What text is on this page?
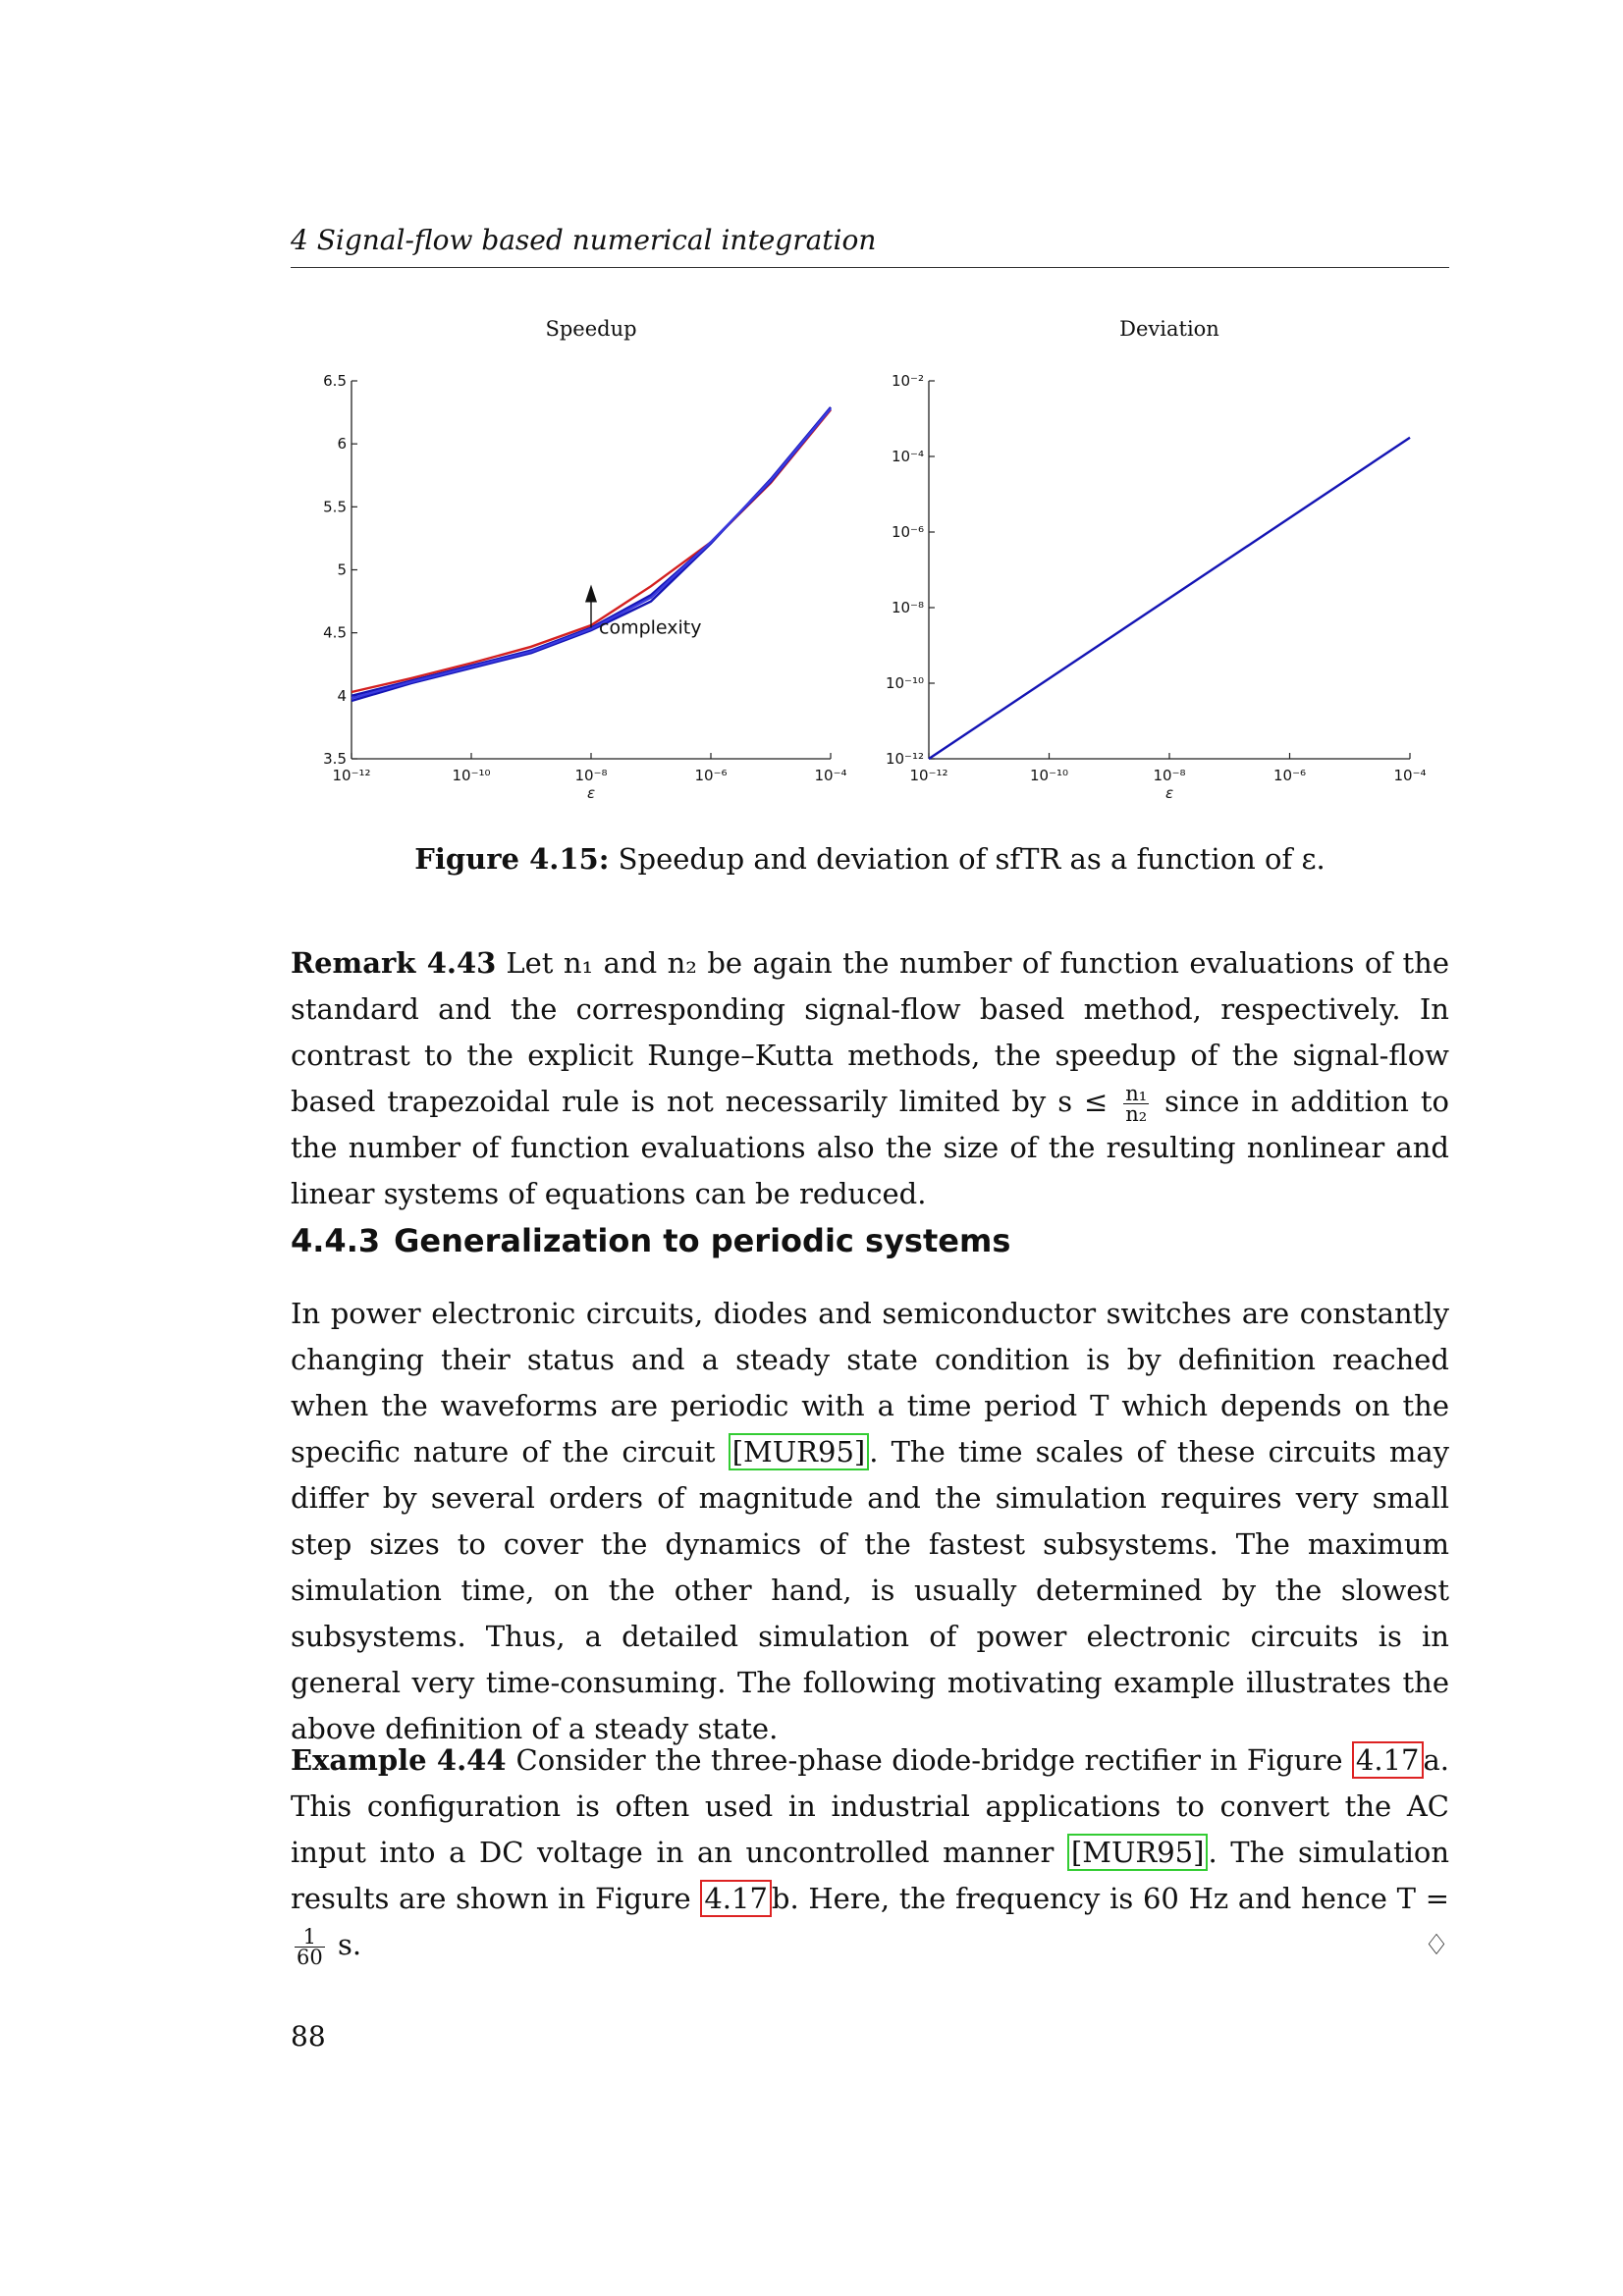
4 Signal-flow based numerical integration
Speedup
10⁻¹²	10⁻¹⁰	10⁻⁸	10⁻⁶	10⁻⁴
6.5
6
5.5
5
4.5
4
3.5
ε
complexity
Deviation
10⁻¹²	10⁻¹⁰	10⁻⁸	10⁻⁶	10⁻⁴
10⁻²
10⁻⁴
10⁻⁶
10⁻⁸
10⁻¹⁰
10⁻¹²
ε
Figure 4.15: Speedup and deviation of sfTR as a function of ε.
Remark 4.43 Let n₁ and n₂ be again the number of function evaluations of the standard and the corresponding signal-flow based method, respectively. In contrast to the explicit Runge–Kutta methods, the speedup of the signal-flow based trapezoidal rule is not necessarily limited by $s \le \frac{\text{n₁}}{\text{n₂}}$ since in addition to the number of function evaluations also the size of the resulting nonlinear and linear systems of equations can be reduced.
4.4.3 Generalization to periodic systems
In power electronic circuits, diodes and semiconductor switches are constantly changing their status and a steady state condition is by definition reached when the waveforms are periodic with a time period T which depends on the specific nature of the circuit [MUR95] . The time scales of these circuits may differ by several orders of magnitude and the simulation requires very small step sizes to cover the dynamics of the fastest subsystems. The maximum simulation time, on the other hand, is usually determined by the slowest subsystems. Thus, a detailed simulation of power electronic circuits is in general very time-consuming. The following motivating example illustrates the above definition of a steady state.
Example 4.44 Consider the three-phase diode-bridge rectifier in Figure 4.17 a. This configuration is often used in industrial applications to convert the AC input into a DC voltage in an uncontrolled manner [MUR95] . The simulation results are shown in Figure 4.17 b. Here, the frequency is 60 Hz and hence T =
$\frac{1}{60} s$.	♢
88
